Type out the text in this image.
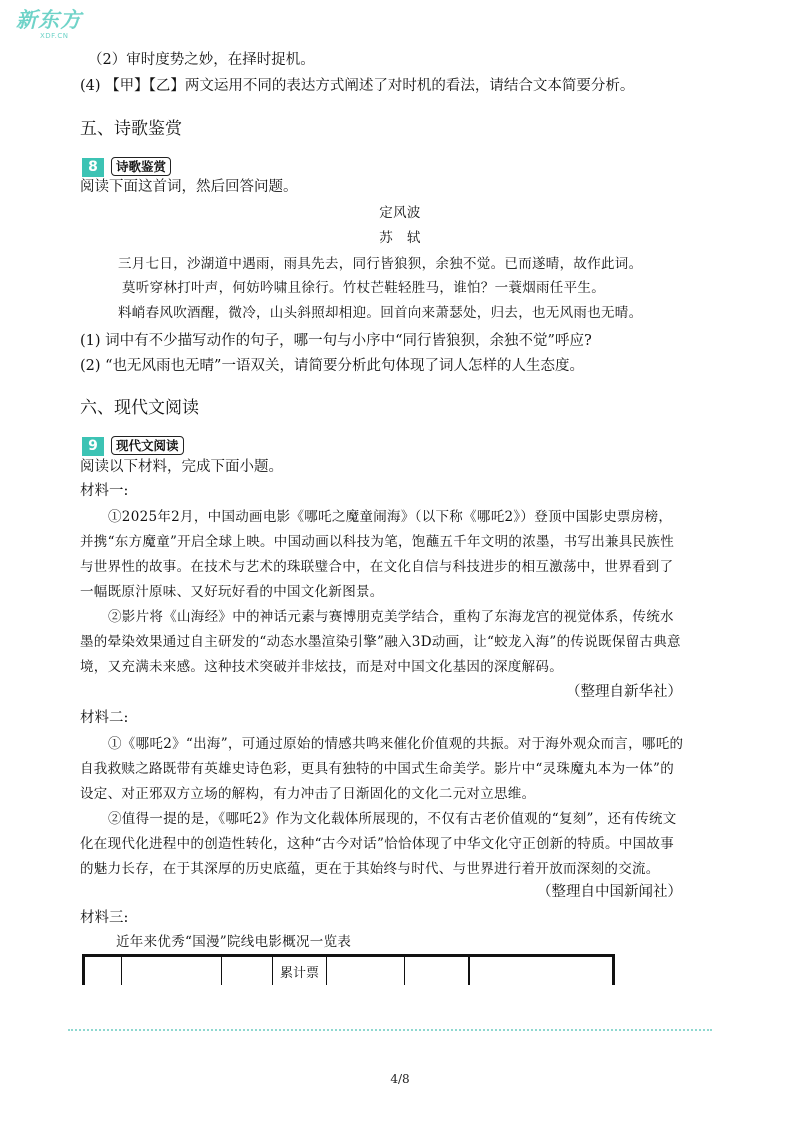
新东方
XDF.CN
（2）审时度势之妙，在择时捉机。
(4) 【甲】【乙】两文运用不同的表达方式阐述了对时机的看法，请结合文本简要分析。
五、诗歌鉴赏
8	诗歌鉴赏
阅读下面这首词，然后回答问题。
定风波
苏　轼
三月七日，沙湖道中遇雨，雨具先去，同行皆狼狈，余独不觉。已而遂晴，故作此词。
莫听穿林打叶声，何妨吟啸且徐行。竹杖芒鞋轻胜马，谁怕？一蓑烟雨任平生。
料峭春风吹酒醒，微冷，山头斜照却相迎。回首向来萧瑟处，归去，也无风雨也无晴。
(1) 词中有不少描写动作的句子，哪一句与小序中“同行皆狼狈，余独不觉”呼应?
(2) “也无风雨也无晴”一语双关，请简要分析此句体现了词人怎样的人生态度。
六、现代文阅读
9	现代文阅读
阅读以下材料，完成下面小题。
材料一:
①2025年2月，中国动画电影《哪吒之魔童闹海》（以下称《哪吒2》）登顶中国影史票房榜，
并携“东方魔童”开启全球上映。中国动画以科技为笔，饱蘸五千年文明的浓墨，书写出兼具民族性
与世界性的故事。在技术与艺术的珠联璧合中，在文化自信与科技进步的相互激荡中，世界看到了
一幅既原汁原味、又好玩好看的中国文化新图景。
②影片将《山海经》中的神话元素与赛博朋克美学结合，重构了东海龙宫的视觉体系，传统水
墨的晕染效果通过自主研发的“动态水墨渲染引擎”融入3D动画，让“蛟龙入海”的传说既保留古典意
境，又充满未来感。这种技术突破并非炫技，而是对中国文化基因的深度解码。
（整理自新华社）
材料二:
①《哪吒2》“出海”，可通过原始的情感共鸣来催化价值观的共振。对于海外观众而言，哪吒的
自我救赎之路既带有英雄史诗色彩，更具有独特的中国式生命美学。影片中“灵珠魔丸本为一体”的
设定、对正邪双方立场的解构，有力冲击了日渐固化的文化二元对立思维。
②值得一提的是，《哪吒2》作为文化载体所展现的，不仅有古老价值观的“复刻”，还有传统文
化在现代化进程中的创造性转化，这种“古今对话”恰恰体现了中华文化守正创新的特质。中国故事
的魅力长存，在于其深厚的历史底蕴，更在于其始终与时代、与世界进行着开放而深刻的交流。
（整理自中国新闻社）
材料三:
近年来优秀“国漫”院线电影概况一览表
			累计票				
4/8
